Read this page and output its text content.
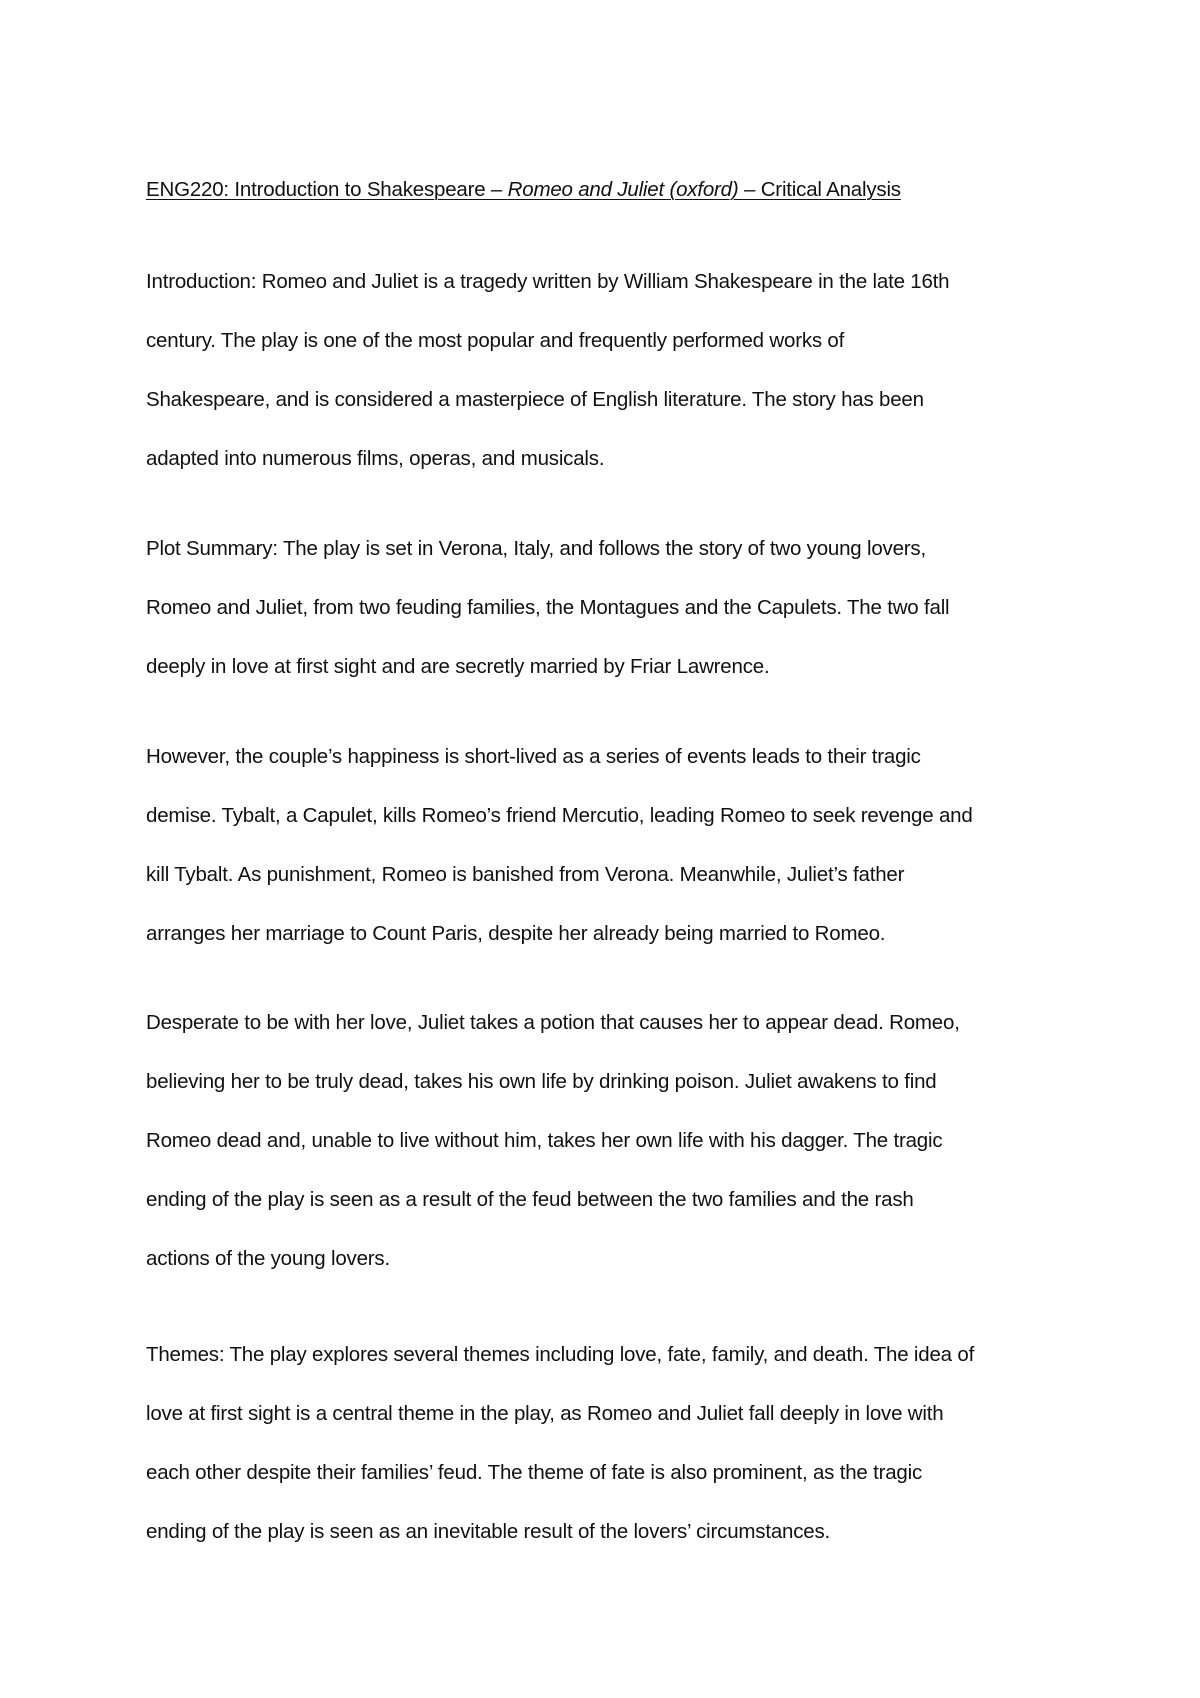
ENG220: Introduction to Shakespeare – Romeo and Juliet (oxford) – Critical Analysis
Introduction: Romeo and Juliet is a tragedy written by William Shakespeare in the late 16th
century. The play is one of the most popular and frequently performed works of
Shakespeare, and is considered a masterpiece of English literature. The story has been
adapted into numerous films, operas, and musicals.
Plot Summary: The play is set in Verona, Italy, and follows the story of two young lovers,
Romeo and Juliet, from two feuding families, the Montagues and the Capulets. The two fall
deeply in love at first sight and are secretly married by Friar Lawrence.
However, the couple’s happiness is short-lived as a series of events leads to their tragic
demise. Tybalt, a Capulet, kills Romeo’s friend Mercutio, leading Romeo to seek revenge and
kill Tybalt. As punishment, Romeo is banished from Verona. Meanwhile, Juliet’s father
arranges her marriage to Count Paris, despite her already being married to Romeo.
Desperate to be with her love, Juliet takes a potion that causes her to appear dead. Romeo,
believing her to be truly dead, takes his own life by drinking poison. Juliet awakens to find
Romeo dead and, unable to live without him, takes her own life with his dagger. The tragic
ending of the play is seen as a result of the feud between the two families and the rash
actions of the young lovers.
Themes: The play explores several themes including love, fate, family, and death. The idea of
love at first sight is a central theme in the play, as Romeo and Juliet fall deeply in love with
each other despite their families’ feud. The theme of fate is also prominent, as the tragic
ending of the play is seen as an inevitable result of the lovers’ circumstances.
